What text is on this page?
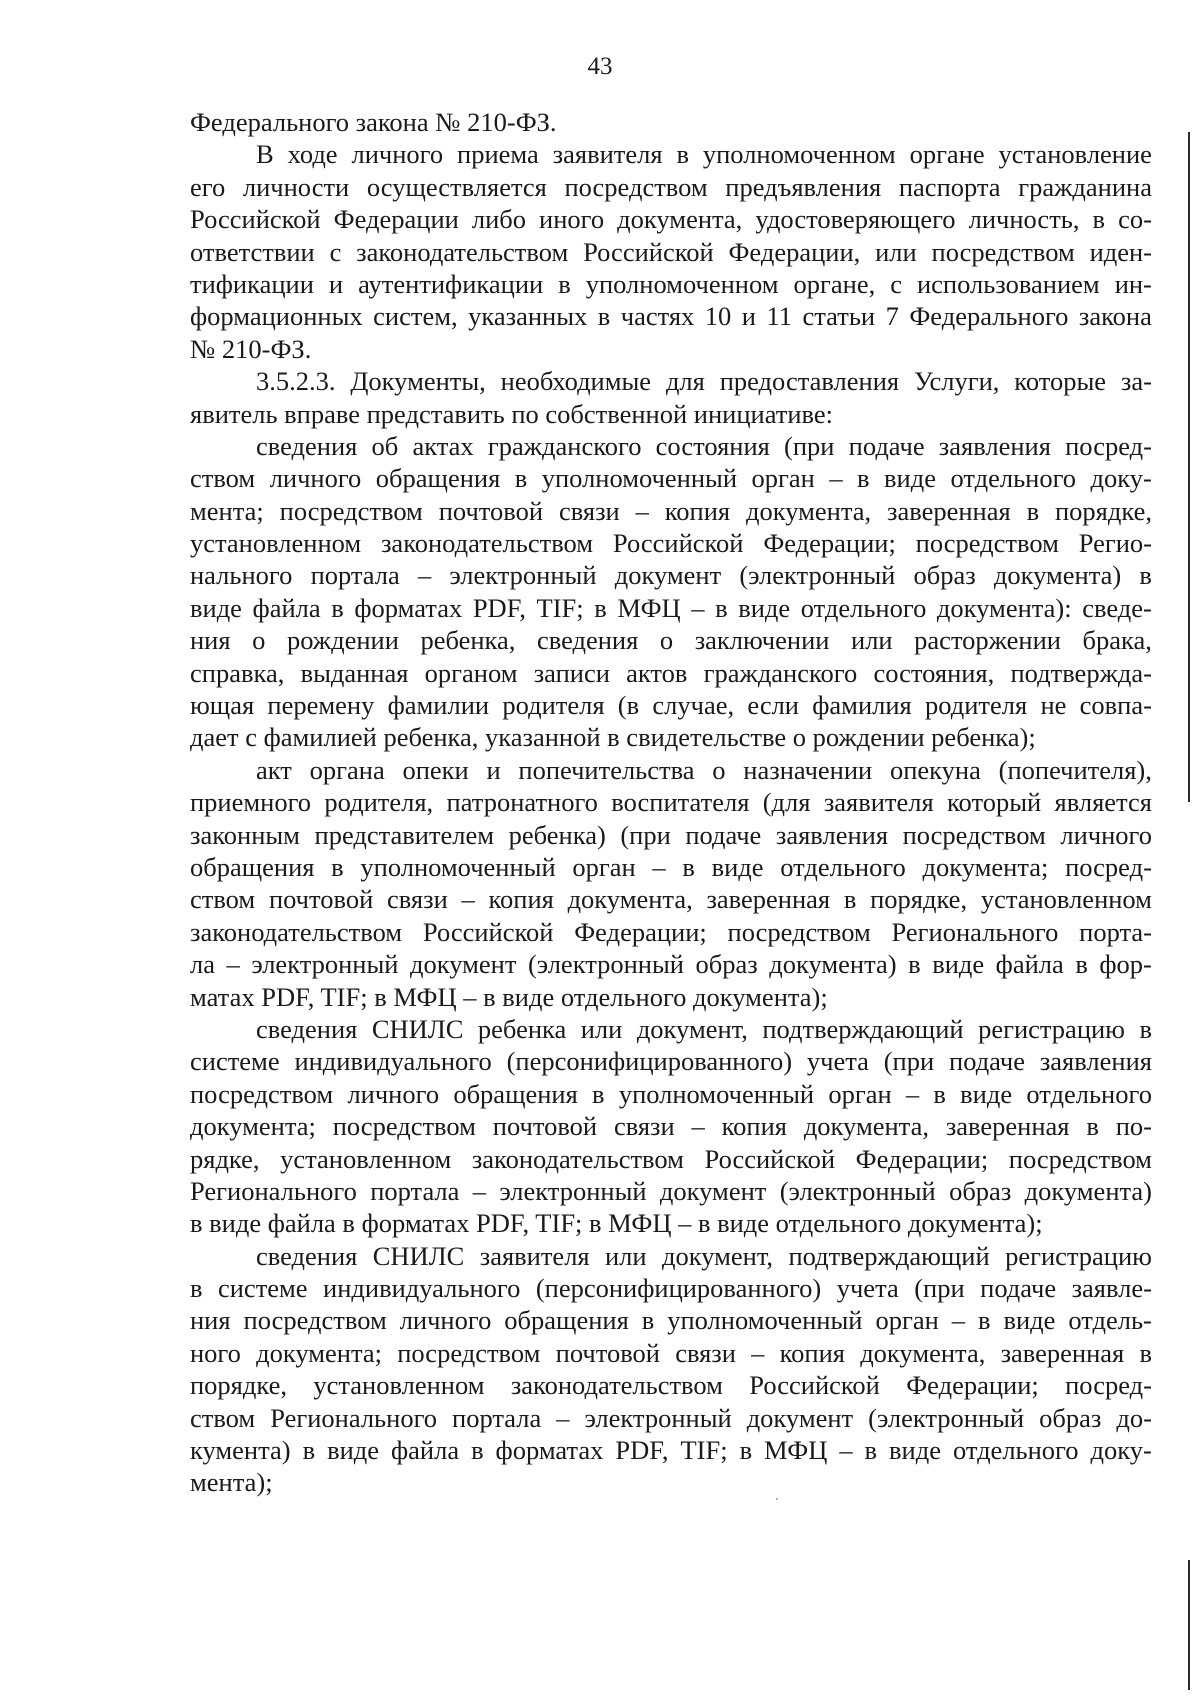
43
Федерального закона № 210-ФЗ.
В ходе личного приема заявителя в уполномоченном органе установление
его личности осуществляется посредством предъявления паспорта гражданина
Российской Федерации либо иного документа, удостоверяющего личность, в со-
ответствии с законодательством Российской Федерации, или посредством иден-
тификации и аутентификации в уполномоченном органе, с использованием ин-
формационных систем, указанных в частях 10 и 11 статьи 7 Федерального закона
№ 210-ФЗ.
3.5.2.3. Документы, необходимые для предоставления Услуги, которые за-
явитель вправе представить по собственной инициативе:
сведения об актах гражданского состояния (при подаче заявления посред-
ством личного обращения в уполномоченный орган – в виде отдельного доку-
мента; посредством почтовой связи – копия документа, заверенная в порядке,
установленном законодательством Российской Федерации; посредством Регио-
нального портала – электронный документ (электронный образ документа) в
виде файла в форматах PDF, TIF; в МФЦ – в виде отдельного документа): сведе-
ния о рождении ребенка, сведения о заключении или расторжении брака,
справка, выданная органом записи актов гражданского состояния, подтвержда-
ющая перемену фамилии родителя (в случае, если фамилия родителя не совпа-
дает с фамилией ребенка, указанной в свидетельстве о рождении ребенка);
акт органа опеки и попечительства о назначении опекуна (попечителя),
приемного родителя, патронатного воспитателя (для заявителя который является
законным представителем ребенка) (при подаче заявления посредством личного
обращения в уполномоченный орган – в виде отдельного документа; посред-
ством почтовой связи – копия документа, заверенная в порядке, установленном
законодательством Российской Федерации; посредством Регионального порта-
ла – электронный документ (электронный образ документа) в виде файла в фор-
матах PDF, TIF; в МФЦ – в виде отдельного документа);
сведения СНИЛС ребенка или документ, подтверждающий регистрацию в
системе индивидуального (персонифицированного) учета (при подаче заявления
посредством личного обращения в уполномоченный орган – в виде отдельного
документа; посредством почтовой связи – копия документа, заверенная в по-
рядке, установленном законодательством Российской Федерации; посредством
Регионального портала – электронный документ (электронный образ документа)
в виде файла в форматах PDF, TIF; в МФЦ – в виде отдельного документа);
сведения СНИЛС заявителя или документ, подтверждающий регистрацию
в системе индивидуального (персонифицированного) учета (при подаче заявле-
ния посредством личного обращения в уполномоченный орган – в виде отдель-
ного документа; посредством почтовой связи – копия документа, заверенная в
порядке, установленном законодательством Российской Федерации; посред-
ством Регионального портала – электронный документ (электронный образ до-
кумента) в виде файла в форматах PDF, TIF; в МФЦ – в виде отдельного доку-
мента);
